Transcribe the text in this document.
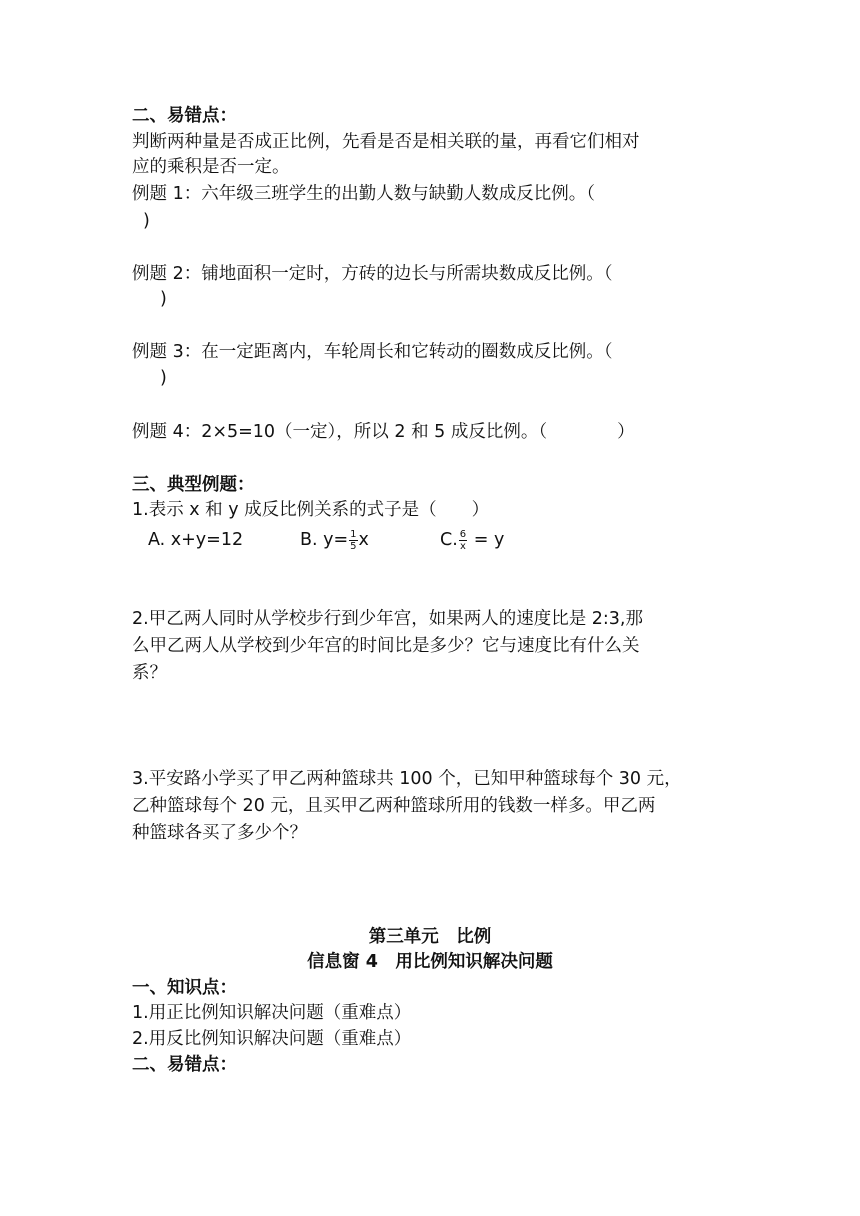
二、易错点：
判断两种量是否成正比例，先看是否是相关联的量，再看它们相对
应的乘积是否一定。
例题 1：六年级三班学生的出勤人数与缺勤人数成反比例。（
)
例题 2：铺地面积一定时，方砖的边长与所需块数成反比例。（
)
例题 3：在一定距离内，车轮周长和它转动的圈数成反比例。（
)
例题 4：2×5=10（一定），所以 2 和 5 成反比例。（　　　　）
三、典型例题：
1.表示 x 和 y 成反比例关系的式子是（　　）
A. x+y=12	B. $y= \frac{1}{5}$ x	C. $\frac{6}{x} = y$
2.甲乙两人同时从学校步行到少年宫，如果两人的速度比是 2:3,那
么甲乙两人从学校到少年宫的时间比是多少？它与速度比有什么关
系？
3.平安路小学买了甲乙两种篮球共 100 个，已知甲种篮球每个 30 元，
乙种篮球每个 20 元，且买甲乙两种篮球所用的钱数一样多。甲乙两
种篮球各买了多少个？
第三单元　比例
信息窗 4　用比例知识解决问题
一、知识点：
1.用正比例知识解决问题（重难点）
2.用反比例知识解决问题（重难点）
二、易错点：
